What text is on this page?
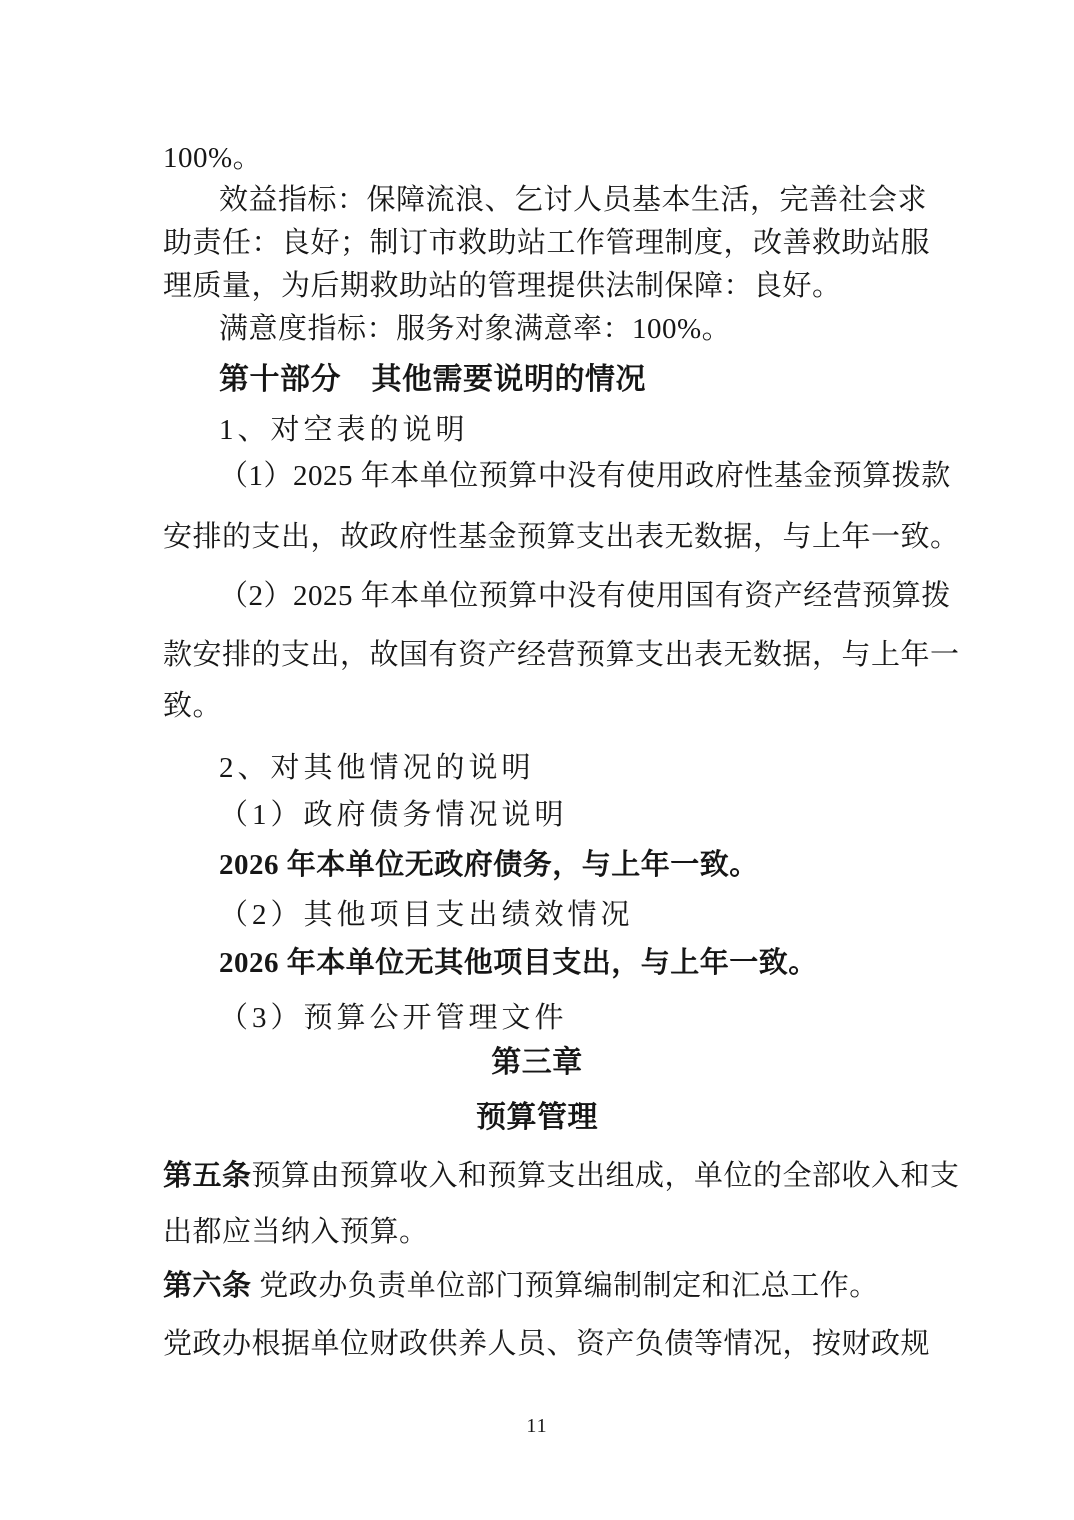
100%。
效益指标：保障流浪、乞讨人员基本生活，完善社会求
助责任：良好；制订市救助站工作管理制度，改善救助站服
理质量，为后期救助站的管理提供法制保障：良好。
满意度指标：服务对象满意率：100%。
第十部分　其他需要说明的情况
1、对空表的说明
（1）2025 年本单位预算中没有使用政府性基金预算拨款
安排的支出，故政府性基金预算支出表无数据，与上年一致。
（2）2025 年本单位预算中没有使用国有资产经营预算拨
款安排的支出，故国有资产经营预算支出表无数据，与上年一
致。
2、对其他情况的说明
（1）政府债务情况说明
2026 年本单位无政府债务，与上年一致。
（2）其他项目支出绩效情况
2026 年本单位无其他项目支出，与上年一致。
（3）预算公开管理文件
第三章
预算管理
第五条预算由预算收入和预算支出组成，单位的全部收入和支
出都应当纳入预算。
第六条 党政办负责单位部门预算编制制定和汇总工作。
党政办根据单位财政供养人员、资产负债等情况，按财政规
11
